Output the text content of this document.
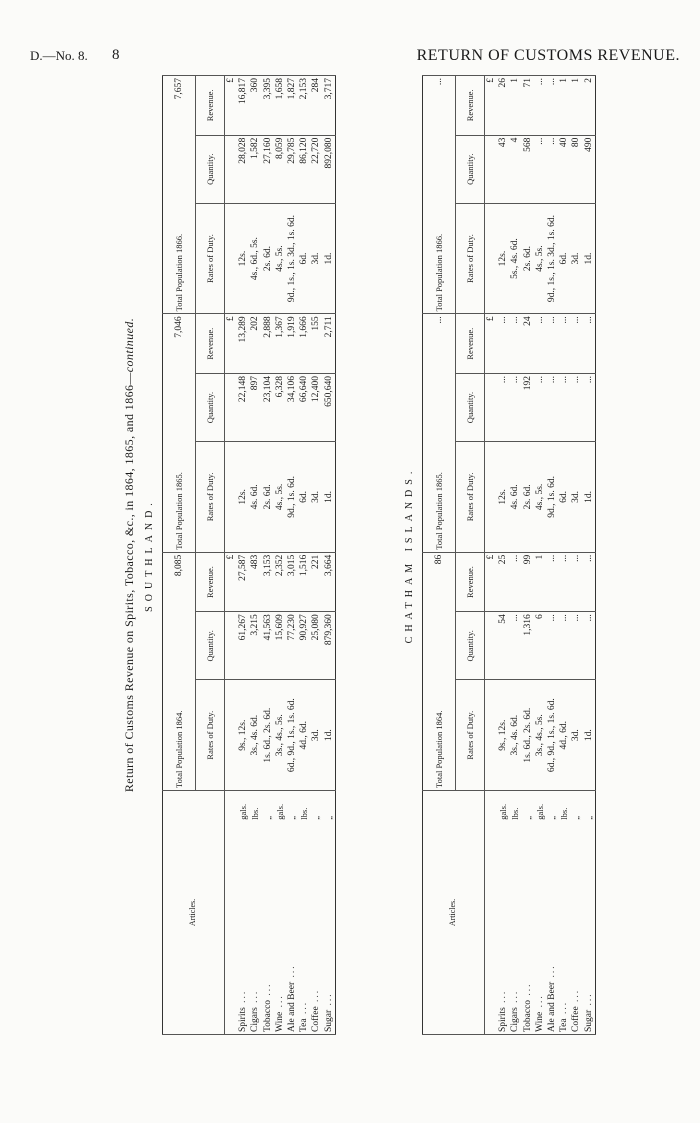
D.—No. 8. 8	RETURN OF CUSTOMS REVENUE.
Return of Customs Revenue on Spirits, Tobacco, &c., in 1864, 1865, and 1866—continued.
SOUTHLAND.	CHATHAM ISLANDS.
Articles.		Total Population 1864.
8,085			Total Population 1865.
7,046			Total Population 1866.
7,657		

		Rates of Duty.	Quantity.	Revenue.	Rates of Duty.	Quantity.	Revenue.	Rates of Duty.	Quantity.	Revenue.
				£			£			£
Spirits ...	gals.	9s., 12s.	61,267	27,587	12s.	22,148	13,289	12s.	28,028	16,817
Cigars ...	lbs.	3s., 4s. 6d.	3,215	483	4s. 6d.	897	202	4s., 6d., 5s.	1,582	360
Tobacco ...	„	1s. 6d., 2s. 6d.	41,563	3,153	2s. 6d.	23,104	2,888	2s. 6d.	27,160	3,395
Wine ...	gals.	3s., 4s., 5s.	15,609	2,352	4s., 5s.	6,328	1,367	4s., 5s.	8,059	1,658
Ale and Beer ...	„	6d., 9d., 1s., 1s. 6d.	77,230	3,015	9d., 1s. 6d.	34,106	1,919	9d., 1s., 1s. 3d., 1s. 6d.	29,785	1,827
Tea ...	lbs.	4d., 6d.	90,927	1,516	6d.	66,640	1,666	6d.	86,120	2,153
Coffee ...	„	3d.	25,080	221	3d.	12,400	155	3d.	22,720	284
Sugar ...	„	1d.	879,360	3,664	1d.	650,640	2,711	1d.	892,080	3,717
Articles.		Total Population 1864.
86			Total Population 1865.
...			Total Population 1866.
...		

		Rates of Duty.	Quantity.	Revenue.	Rates of Duty.	Quantity.	Revenue.	Rates of Duty.	Quantity.	Revenue.
				£			£			£
Spirits ...	gals.	9s., 12s.	54	25	12s.	...	...	12s.	43	26
Cigars ...	lbs.	3s., 4s. 6d.	...	...	4s. 6d.	...	...	5s., 4s. 6d.	4	1
Tobacco ...	„	1s. 6d., 2s. 6d.	1,316	99	2s. 6d.	192	24	2s. 6d.	568	71
Wine ...	gals.	3s., 4s., 5s.	6	1	4s., 5s.	...	...	4s., 5s.	...	...
Ale and Beer ...	„	6d., 9d., 1s., 1s. 6d.	...	...	9d., 1s. 6d.	...	...	9d., 1s., 1s. 3d., 1s. 6d.	...	...
Tea ...	lbs.	4d., 6d.	...	...	6d.	...	...	6d.	40	1
Coffee ...	„	3d.	...	...	3d.	...	...	3d.	80	1
Sugar ...	„	1d.	...	...	1d.	...	...	1d.	490	2
